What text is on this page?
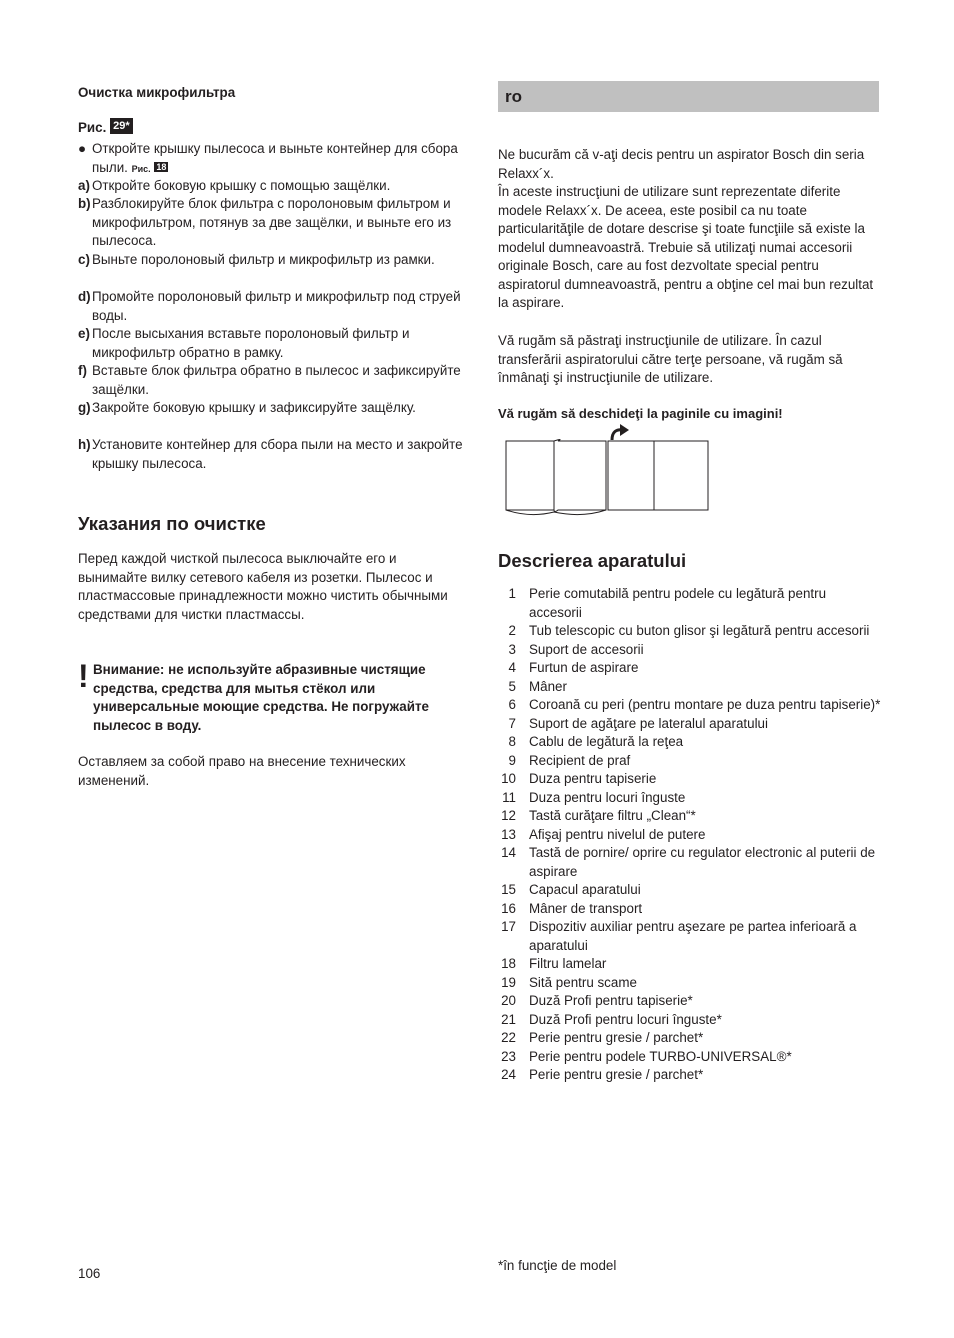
Очистка микрофильтра
Рис. 29*
● Откройте крышку пылесоса и выньте контейнер для сбора пыли. Рис. 18
a) Откройте боковую крышку с помощью защёлки.
b) Разблокируйте блок фильтра с поролоновым фильтром и микрофильтром, потянув за две защёлки, и выньте его из пылесоса.
c) Выньте поролоновый фильтр и микрофильтр из рамки.
d) Промойте поролоновый фильтр и микрофильтр под струей воды.
e) После высыхания вставьте поролоновый фильтр и микрофильтр обратно в рамку.
f) Вставьте блок фильтра обратно в пылесос и зафиксируйте защёлки.
g) Закройте боковую крышку и зафиксируйте защёлку.
h) Установите контейнер для сбора пыли на место и закройте крышку пылесоса.
Указания по очистке
Перед каждой чисткой пылесоса выключайте его и вынимайте вилку сетевого кабеля из розетки. Пылесос и пластмассовые принадлежности можно чистить обычными средствами для чистки пластмассы.
! Внимание: не используйте абразивные чистящие средства, средства для мытья стёкол или универсальные моющие средства. Не погружайте пылесос в воду.
Оставляем за собой право на внесение технических изменений.
ro
Ne bucurăm că v-aţi decis pentru un aspirator Bosch din seria Relaxx´x.
În aceste instrucţiuni de utilizare sunt reprezentate diferite modele Relaxx´x. De aceea, este posibil ca nu toate particularităţile de dotare descrise şi toate funcţiile să existe la modelul dumneavoastră. Trebuie să utilizaţi numai accesorii originale Bosch, care au fost dezvoltate special pentru aspiratorul dumneavoastră, pentru a obţine cel mai bun rezultat la aspirare.
Vă rugăm să păstraţi instrucţiunile de utilizare. În cazul transferării aspiratorului către terţe persoane, vă rugăm să înmânaţi şi instrucţiunile de utilizare.
Vă rugăm să deschideţi la paginile cu imagini!
Descrierea aparatului
1 Perie comutabilă pentru podele cu legătură pentru accesorii
2 Tub telescopic cu buton glisor şi legătură pentru accesorii
3 Suport de accesorii
4 Furtun de aspirare
5 Mâner
6 Coroană cu peri (pentru montare pe duza pentru tapiserie)*
7 Suport de agăţare pe lateralul aparatului
8 Cablu de legătură la reţea
9 Recipient de praf
10 Duza pentru tapiserie
11 Duza pentru locuri înguste
12 Tastă curăţare filtru „Clean“*
13 Afişaj pentru nivelul de putere
14 Tastă de pornire/ oprire cu regulator electronic al puterii de aspirare
15 Capacul aparatului
16 Mâner de transport
17 Dispozitiv auxiliar pentru aşezare pe partea inferioară a aparatului
18 Filtru lamelar
19 Sită pentru scame
20 Duză Profi pentru tapiserie*
21 Duză Profi pentru locuri înguste*
22 Perie pentru gresie / parchet*
23 Perie pentru podele TURBO-UNIVERSAL®*
24 Perie pentru gresie / parchet*
106
*în funcţie de model
